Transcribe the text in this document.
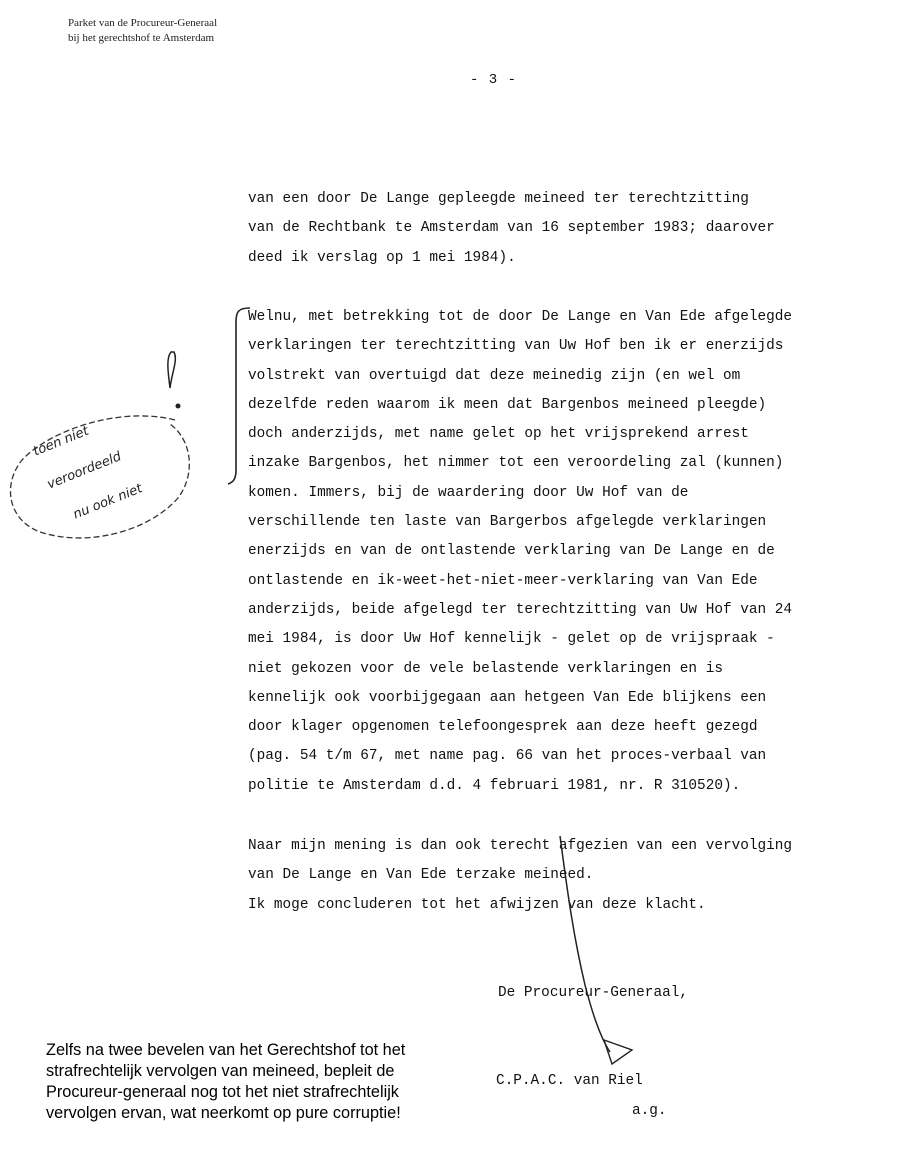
Parket van de Procureur-Generaal
bij het gerechtshof te Amsterdam
- 3 -
van een door De Lange gepleegde meineed ter terechtzitting
van de Rechtbank te Amsterdam van 16 september 1983; daarover
deed ik verslag op 1 mei 1984).
Welnu, met betrekking tot de door De Lange en Van Ede afgelegde
verklaringen ter terechtzitting van Uw Hof ben ik er enerzijds
volstrekt van overtuigd dat deze meinedig zijn (en wel om
dezelfde reden waarom ik meen dat Bargenbos meineed pleegde)
doch anderzijds, met name gelet op het vrijsprekend arrest
inzake Bargenbos, het nimmer tot een veroordeling zal (kunnen)
komen. Immers, bij de waardering door Uw Hof van de
verschillende ten laste van Bargerbos afgelegde verklaringen
enerzijds en van de ontlastende verklaring van De Lange en de
ontlastende en ik-weet-het-niet-meer-verklaring van Van Ede
anderzijds, beide afgelegd ter terechtzitting van Uw Hof van 24
mei 1984, is door Uw Hof kennelijk - gelet op de vrijspraak -
niet gekozen voor de vele belastende verklaringen en is
kennelijk ook voorbijgegaan aan hetgeen Van Ede blijkens een
door klager opgenomen telefoongesprek aan deze heeft gezegd
(pag. 54 t/m 67, met name pag. 66 van het proces-verbaal van
politie te Amsterdam d.d. 4 februari 1981, nr. R 310520).
Naar mijn mening is dan ook terecht afgezien van een vervolging
van De Lange en Van Ede terzake meineed.
Ik moge concluderen tot het afwijzen van deze klacht.
De Procureur-Generaal,
C.P.A.C. van Riel
a.g.
toen niet
veroordeeld
nu ook niet
Zelfs na twee bevelen van het Gerechtshof tot het strafrechtelijk vervolgen van meineed, bepleit de Procureur-generaal nog tot het niet strafrechtelijk vervolgen ervan, wat neerkomt op pure corruptie!
